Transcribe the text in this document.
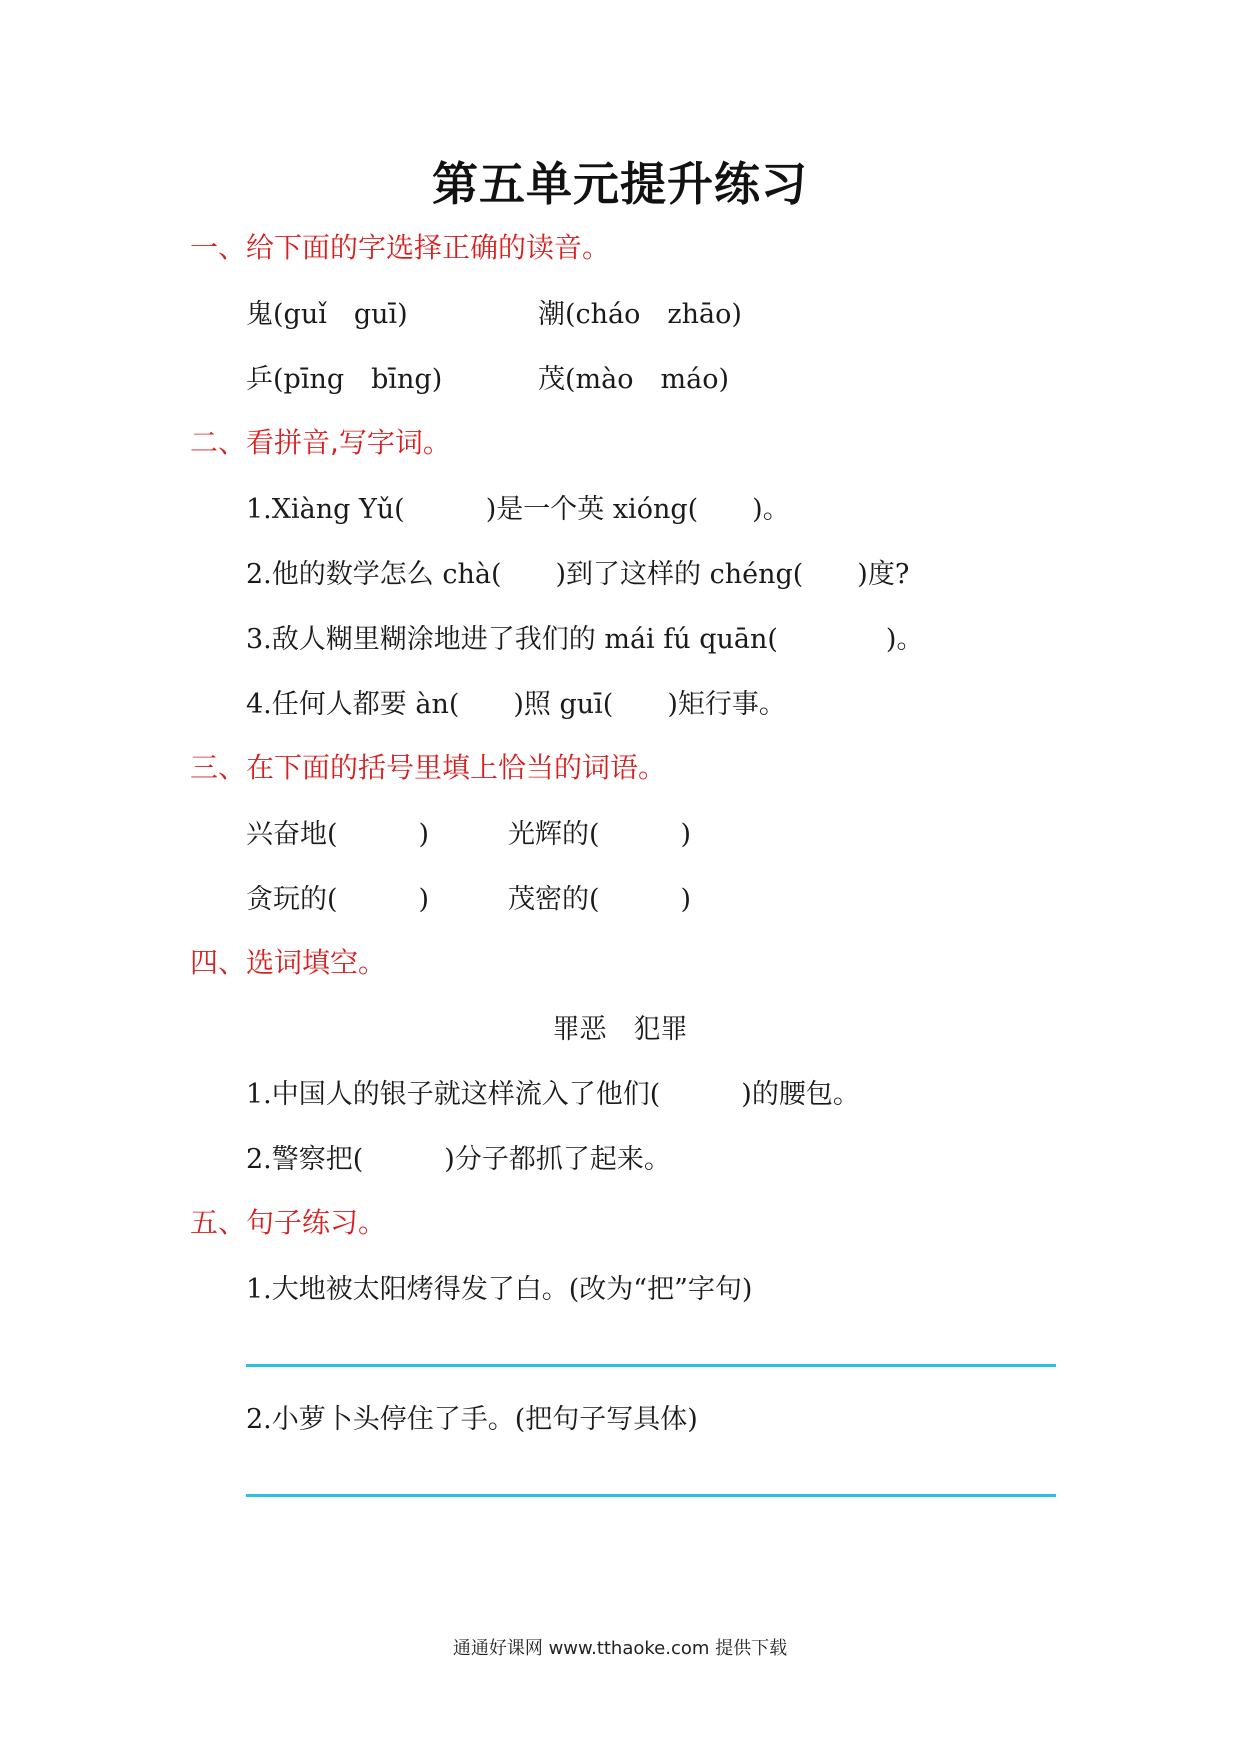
第五单元提升练习
一、给下面的字选择正确的读音。
鬼(guǐ　guī)	潮(cháo　zhāo)
乒(pīng　bīng)	茂(mào　máo)
二、看拼音,写字词。
1.Xiàng Yǔ(　　　)是一个英 xióng(　　)。
2.他的数学怎么 chà(　　)到了这样的 chéng(　　)度?
3.敌人糊里糊涂地进了我们的 mái fú quān(　　　　)。
4.任何人都要 àn(　　)照 guī(　　)矩行事。
三、在下面的括号里填上恰当的词语。
兴奋地(　　　)	光辉的(　　　)
贪玩的(　　　)	茂密的(　　　)
四、选词填空。
罪恶　犯罪
1.中国人的银子就这样流入了他们(　　　)的腰包。
2.警察把(　　　)分子都抓了起来。
五、句子练习。
1.大地被太阳烤得发了白。(改为“把”字句)
2.小萝卜头停住了手。(把句子写具体)
通通好课网 www.tthaoke.com 提供下载
